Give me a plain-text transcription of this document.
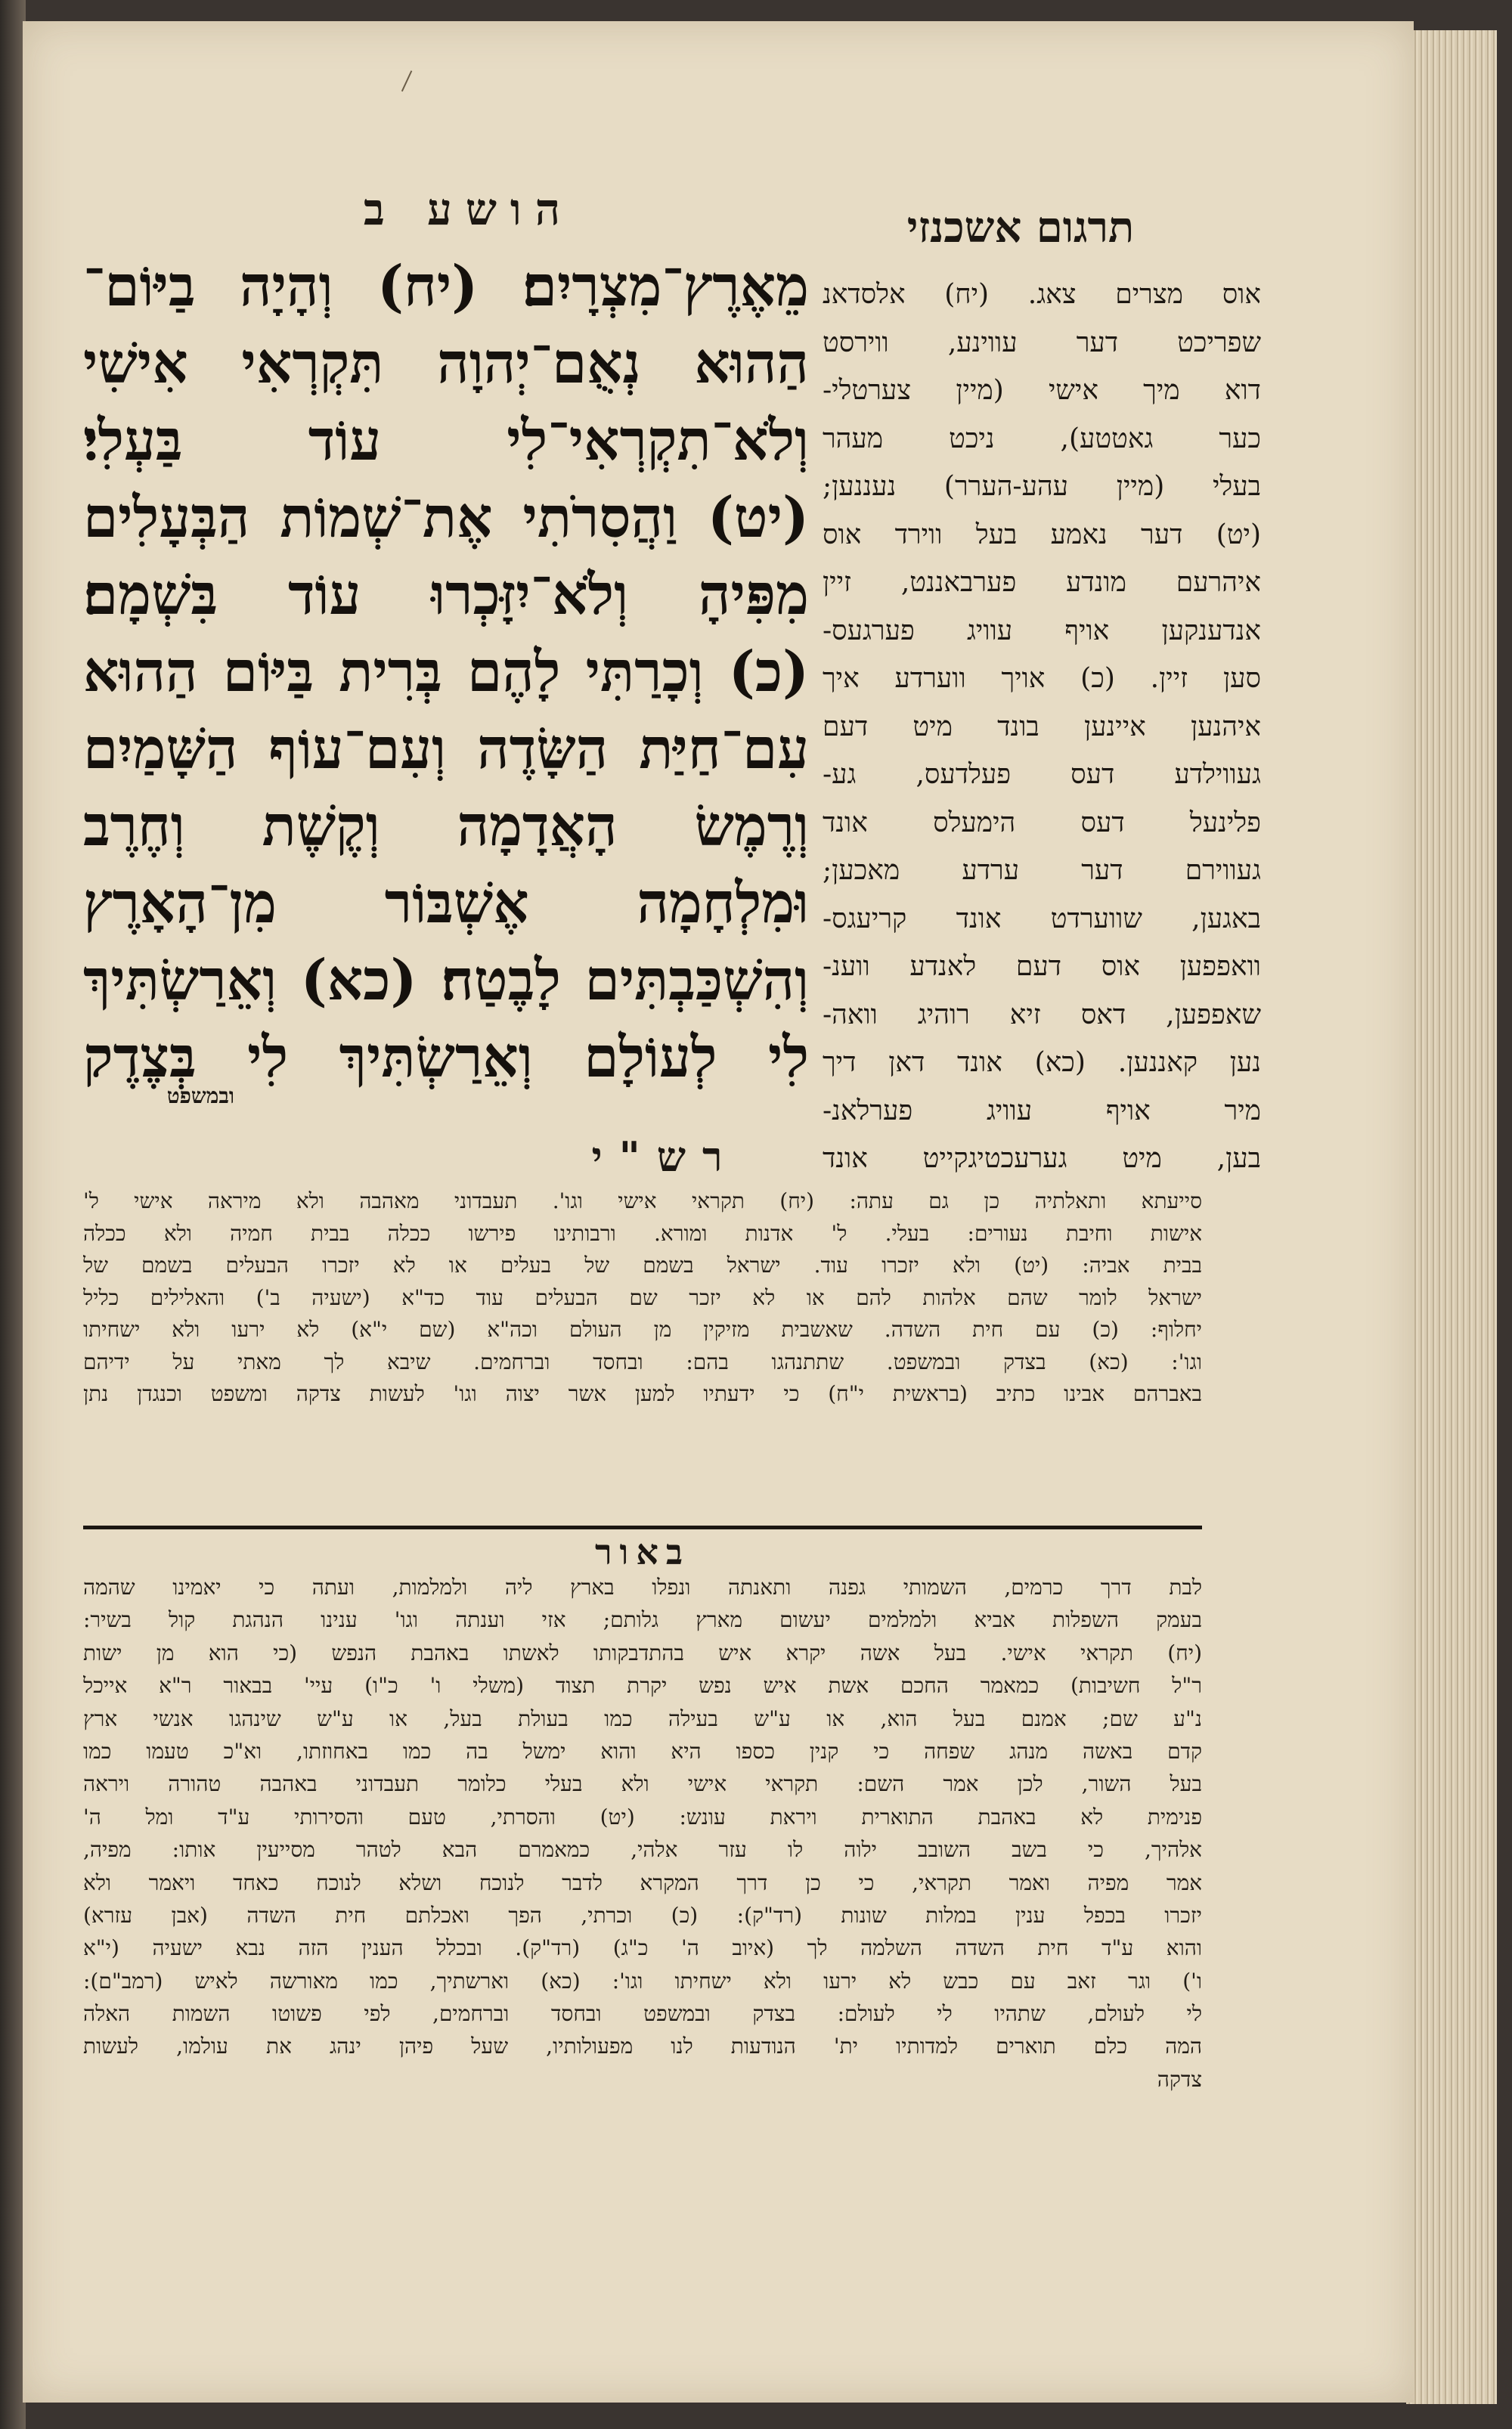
הושע ב	תרגום אשכנזי
מֵאֶרֶץ־מִצְרָיִם׃ (יח) וְהָיָה בַיּוֹם־
הַהוּא נְאֻם־יְהוָה תִּקְרְאִי אִישִׁי
וְלֹא־תִקְרְאִי־לִי עוֹד בַּעְלִי׃
(יט) וַהֲסִרֹתִי אֶת־שְׁמוֹת הַבְּעָלִים
מִפִּיהָ וְלֹא־יִזָּכְרוּ עוֹד בִּשְׁמָם׃
(כ) וְכָרַתִּי לָהֶם בְּרִית בַּיּוֹם הַהוּא
עִם־חַיַּת הַשָּׂדֶה וְעִם־עוֹף הַשָּׁמַיִם
וְרֶמֶשׂ הָאֲדָמָה וְקֶשֶׁת וְחֶרֶב
וּמִלְחָמָה אֶשְׁבּוֹר מִן־הָאָרֶץ
וְהִשְׁכַּבְתִּים לָבֶטַח׃ (כא) וְאֵרַשְׂתִּיךְ
לִי לְעוֹלָם וְאֵרַשְׂתִּיךְ לִי בְּצֶדֶק
ובמשפט
אוס מצרים צאג. (יח) אלסדאנ
שפריכט דער עווינע, ווירסט
דוא מיך אישי (מיין צערטלי-
כער גאטטע), ניכט מעהר
בעלי (מיין עהע-הערר) נעננען;
(יט) דער נאמע בעל ווירד אוס
איהרעם מונדע פערבאננט, זיין
אנדענקען אויף עוויג פערגעס-
סען זיין. (כ) אויך ווערדע איך
איהנען איינען בונד מיט דעם
געווילדע דעס פעלדעס, גע-
פלינעל דעס הימעלס אונד
געווירם דער ערדע מאכען;
באגען, שווערדט אונד קריעגס-
וואפפען אוס דעם לאנדע ווענ-
שאפפען, דאס זיא רוהיג וואה-
נען קאננען. (כא) אונד דאן דיך
מיר אויף עוויג פערלאנ-
בען, מיט גערעכטיגקייט אונד
רש"י
סייעתא ותאלתיה כן גם עתה: (יח) תקראי אישי וגו'. תעבדוני מאהבה ולא מיראה אישי ל'
אישות וחיבת נעורים: בעלי. ל' אדנות ומורא. ורבותינו פירשו ככלה בבית חמיה ולא ככלה
בבית אביה: (יט) ולא יזכרו עוד. ישראל בשמם של בעלים או לא יזכרו הבעלים בשמם של
ישראל לומר שהם אלהות להם או לא יזכר שם הבעלים עוד כד"א (ישעיה ב') והאלילים כליל
יחלוף: (כ) עם חית השדה. שאשבית מזיקין מן העולם וכה"א (שם י"א) לא ירעו ולא ישחיתו
וגו': (כא) בצדק ובמשפט. שתתנהגו בהם: ובחסד וברחמים. שיבא לך מאתי על ידיהם
באברהם אבינו כתיב (בראשית י"ח) כי ידעתיו למען אשר יצוה וגו' לעשות צדקה ומשפט וכנגדן נתן
באור
לבת דרך כרמים, השמותי גפנה ותאנתה ונפלו בארץ ליה ולמלמות, ועתה כי יאמינו שהמה
בעמק השפלות אביא ולמלמים יעשום מארץ גלותם; אזי וענתה וגו' ענינו הנהגת קול בשיר:
(יח) תקראי אישי. בעל אשה יקרא איש בהתדבקותו לאשתו באהבת הנפש (כי הוא מן ישות
ר"ל חשיבות) כמאמר החכם אשת איש נפש יקרת תצוד (משלי ו' כ"ו) עיי' בבאור ר"א אייכל
נ"ע שם; אמנם בעל הוא, או ע"ש בעילה כמו בעולת בעל, או ע"ש שינהגו אנשי ארץ
קדם באשה מנהג שפחה כי קנין כספו היא והוא ימשל בה כמו באחוזתו, וא"כ טעמו כמו
בעל השור, לכן אמר השם: תקראי אישי ולא בעלי כלומר תעבדוני באהבה טהורה ויראה
פנימית לא באהבת התוארית ויראת עונש: (יט) והסרתי, טעם והסירותי ע"ד ומל ה'
אלהיך, כי בשב השובב ילוה לו עזר אלהי, כמאמרם הבא לטהר מסייעין אותו: מפיה,
אמר מפיה ואמר תקראי, כי כן דרך המקרא לדבר לנוכח ושלא לנוכח כאחד ויאמר ולא
יזכרו בכפל ענין במלות שונות (רד"ק): (כ) וכרתי, הפך ואכלתם חית השדה (אבן עזרא)
והוא ע"ד חית השדה השלמה לך (איוב ה' כ"ג) (רד"ק). ובכלל הענין הזה נבא ישעיה (י"א
ו') וגר זאב עם כבש לא ירעו ולא ישחיתו וגו': (כא) וארשתיך, כמו מאורשה לאיש (רמב"ם):
לי לעולם, שתהיו לי לעולם: בצדק ובמשפט ובחסד וברחמים, לפי פשוטו השמות האלה
המה כלם תוארים למדותיו ית' הנודעות לנו מפעולותיו, שעל פיהן ינהג את עולמו, לעשות
צדקה
